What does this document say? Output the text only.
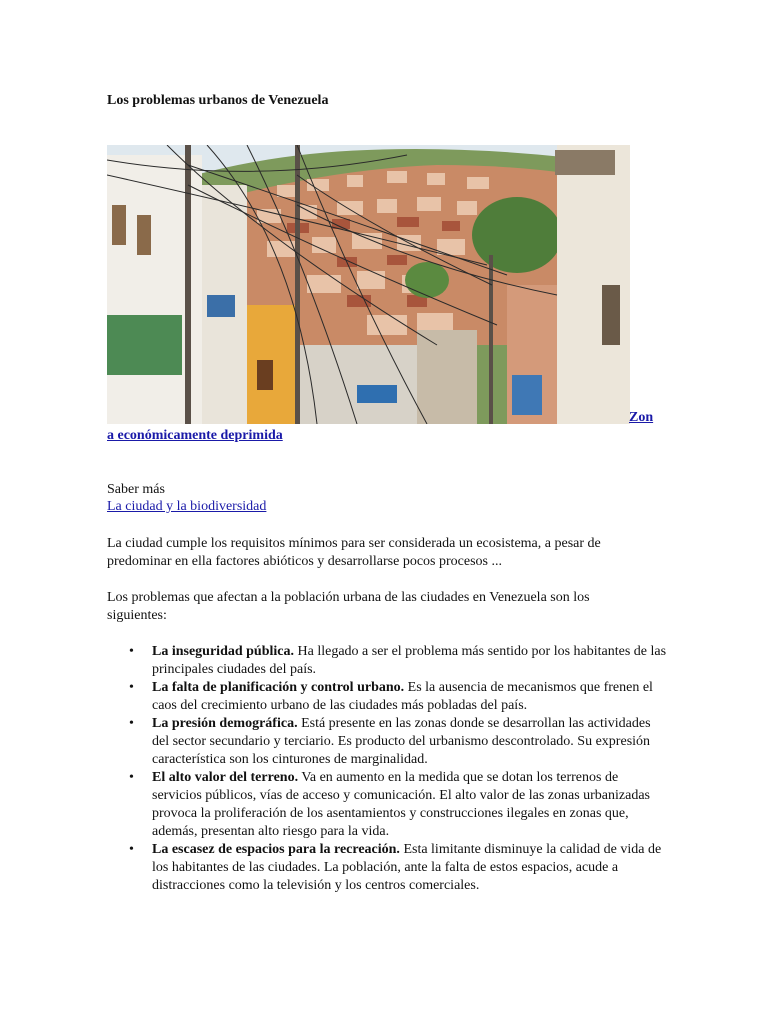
Los problemas urbanos de Venezuela
Zon
a económicamente deprimida

Saber más

La ciudad y la biodiversidad

La ciudad cumple los requisitos mínimos para ser considerada un ecosistema, a pesar de predominar en ella factores abióticos y desarrollarse pocos procesos ...

Los problemas que afectan a la población urbana de las ciudades en Venezuela son los siguientes:

• La inseguridad pública. Ha llegado a ser el problema más sentido por los habitantes de las principales ciudades del país.
• La falta de planificación y control urbano. Es la ausencia de mecanismos que frenen el caos del crecimiento urbano de las ciudades más pobladas del país.
• La presión demográfica. Está presente en las zonas donde se desarrollan las actividades del sector secundario y terciario. Es producto del urbanismo descontrolado. Su expresión característica son los cinturones de marginalidad.
• El alto valor del terreno. Va en aumento en la medida que se dotan los terrenos de servicios públicos, vías de acceso y comunicación. El alto valor de las zonas urbanizadas provoca la proliferación de los asentamientos y construcciones ilegales en zonas que, además, presentan alto riesgo para la vida.
• La escasez de espacios para la recreación. Esta limitante disminuye la calidad de vida de los habitantes de las ciudades. La población, ante la falta de estos espacios, acude a distracciones como la televisión y los centros comerciales.
